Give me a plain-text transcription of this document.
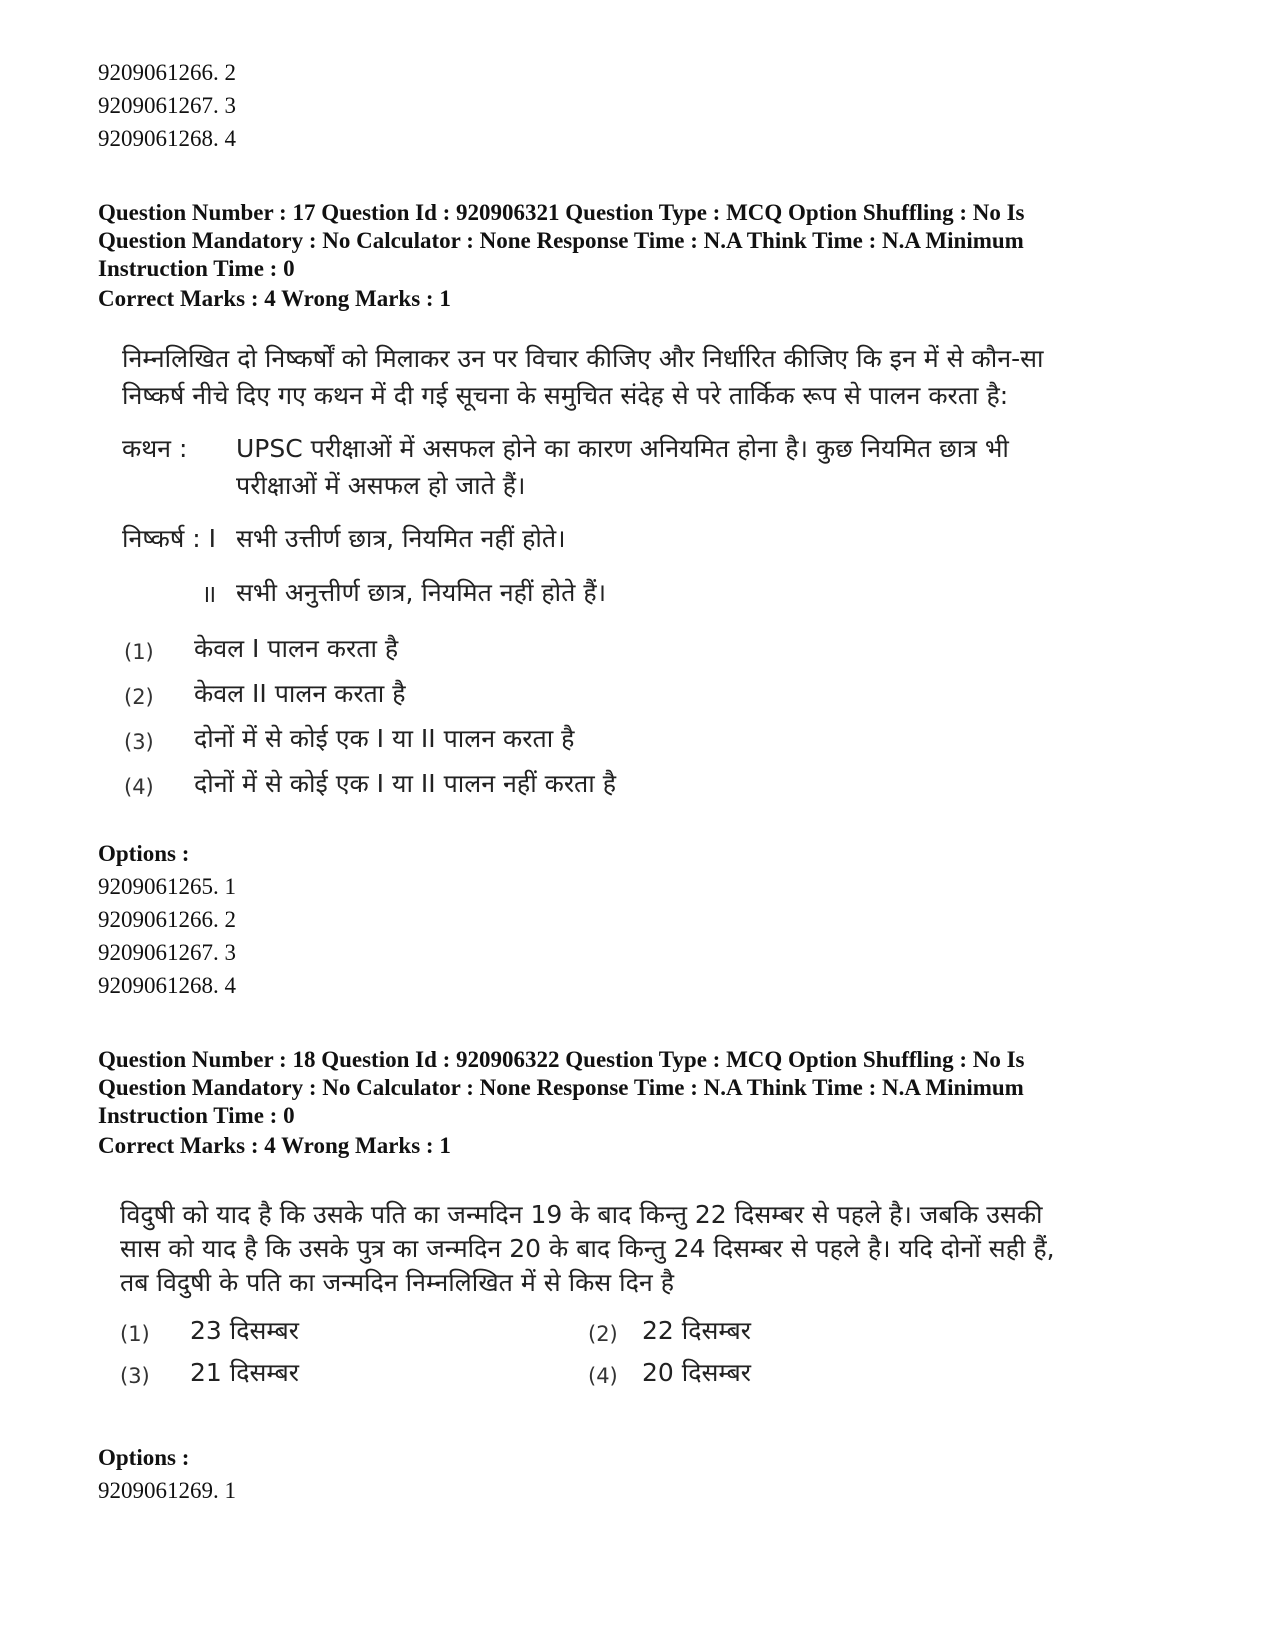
9209061266. 2
9209061267. 3
9209061268. 4
Question Number : 17 Question Id : 920906321 Question Type : MCQ Option Shuffling : No Is Question Mandatory : No Calculator : None Response Time : N.A Think Time : N.A Minimum Instruction Time : 0
Correct Marks : 4 Wrong Marks : 1
निम्नलिखित दो निष्कर्षों को मिलाकर उन पर विचार कीजिए और निर्धारित कीजिए कि इन में से कौन-सा
निष्कर्ष नीचे दिए गए कथन में दी गई सूचना के समुचित संदेह से परे तार्किक रूप से पालन करता है:
कथन : UPSC परीक्षाओं में असफल होने का कारण अनियमित होना है। कुछ नियमित छात्र भी
परीक्षाओं में असफल हो जाते हैं।
निष्कर्ष : I सभी उत्तीर्ण छात्र, नियमित नहीं होते।
II सभी अनुत्तीर्ण छात्र, नियमित नहीं होते हैं।
(1) केवल I पालन करता है
(2) केवल II पालन करता है
(3) दोनों में से कोई एक I या II पालन करता है
(4) दोनों में से कोई एक I या II पालन नहीं करता है
Options :
9209061265. 1
9209061266. 2
9209061267. 3
9209061268. 4
Question Number : 18 Question Id : 920906322 Question Type : MCQ Option Shuffling : No Is Question Mandatory : No Calculator : None Response Time : N.A Think Time : N.A Minimum Instruction Time : 0
Correct Marks : 4 Wrong Marks : 1
विदुषी को याद है कि उसके पति का जन्मदिन 19 के बाद किन्तु 22 दिसम्बर से पहले है। जबकि उसकी
सास को याद है कि उसके पुत्र का जन्मदिन 20 के बाद किन्तु 24 दिसम्बर से पहले है। यदि दोनों सही हैं,
तब विदुषी के पति का जन्मदिन निम्नलिखित में से किस दिन है
(1) 23 दिसम्बर	(2) 22 दिसम्बर
(3) 21 दिसम्बर	(4) 20 दिसम्बर
Options :
9209061269. 1
